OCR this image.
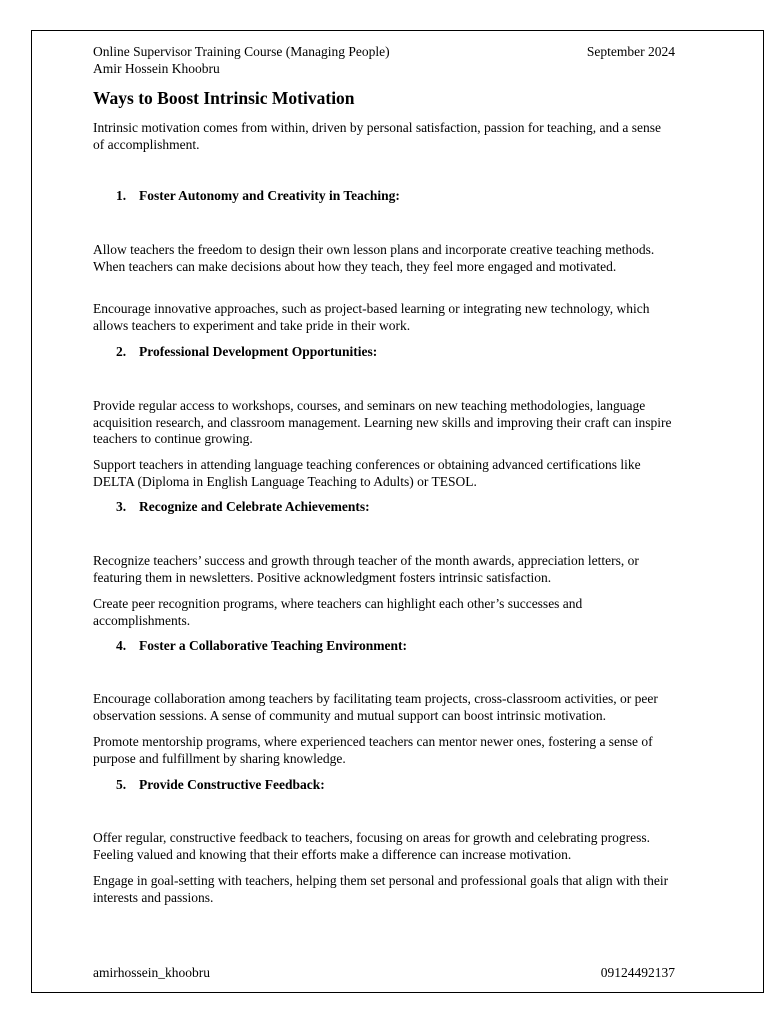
Online Supervisor Training Course (Managing People)	September 2024
Amir Hossein Khoobru
Ways to Boost Intrinsic Motivation

Intrinsic motivation comes from within, driven by personal satisfaction, passion for teaching, and a sense of accomplishment.

1. Foster Autonomy and Creativity in Teaching:

Allow teachers the freedom to design their own lesson plans and incorporate creative teaching methods. When teachers can make decisions about how they teach, they feel more engaged and motivated.

Encourage innovative approaches, such as project-based learning or integrating new technology, which allows teachers to experiment and take pride in their work.

2. Professional Development Opportunities:

Provide regular access to workshops, courses, and seminars on new teaching methodologies, language acquisition research, and classroom management. Learning new skills and improving their craft can inspire teachers to continue growing.

Support teachers in attending language teaching conferences or obtaining advanced certifications like DELTA (Diploma in English Language Teaching to Adults) or TESOL.

3. Recognize and Celebrate Achievements:

Recognize teachers’ success and growth through teacher of the month awards, appreciation letters, or featuring them in newsletters. Positive acknowledgment fosters intrinsic satisfaction.

Create peer recognition programs, where teachers can highlight each other’s successes and accomplishments.

4. Foster a Collaborative Teaching Environment:

Encourage collaboration among teachers by facilitating team projects, cross-classroom activities, or peer observation sessions. A sense of community and mutual support can boost intrinsic motivation.

Promote mentorship programs, where experienced teachers can mentor newer ones, fostering a sense of purpose and fulfillment by sharing knowledge.

5. Provide Constructive Feedback:

Offer regular, constructive feedback to teachers, focusing on areas for growth and celebrating progress. Feeling valued and knowing that their efforts make a difference can increase motivation.

Engage in goal-setting with teachers, helping them set personal and professional goals that align with their interests and passions.

amirhossein_khoobru	09124492137
